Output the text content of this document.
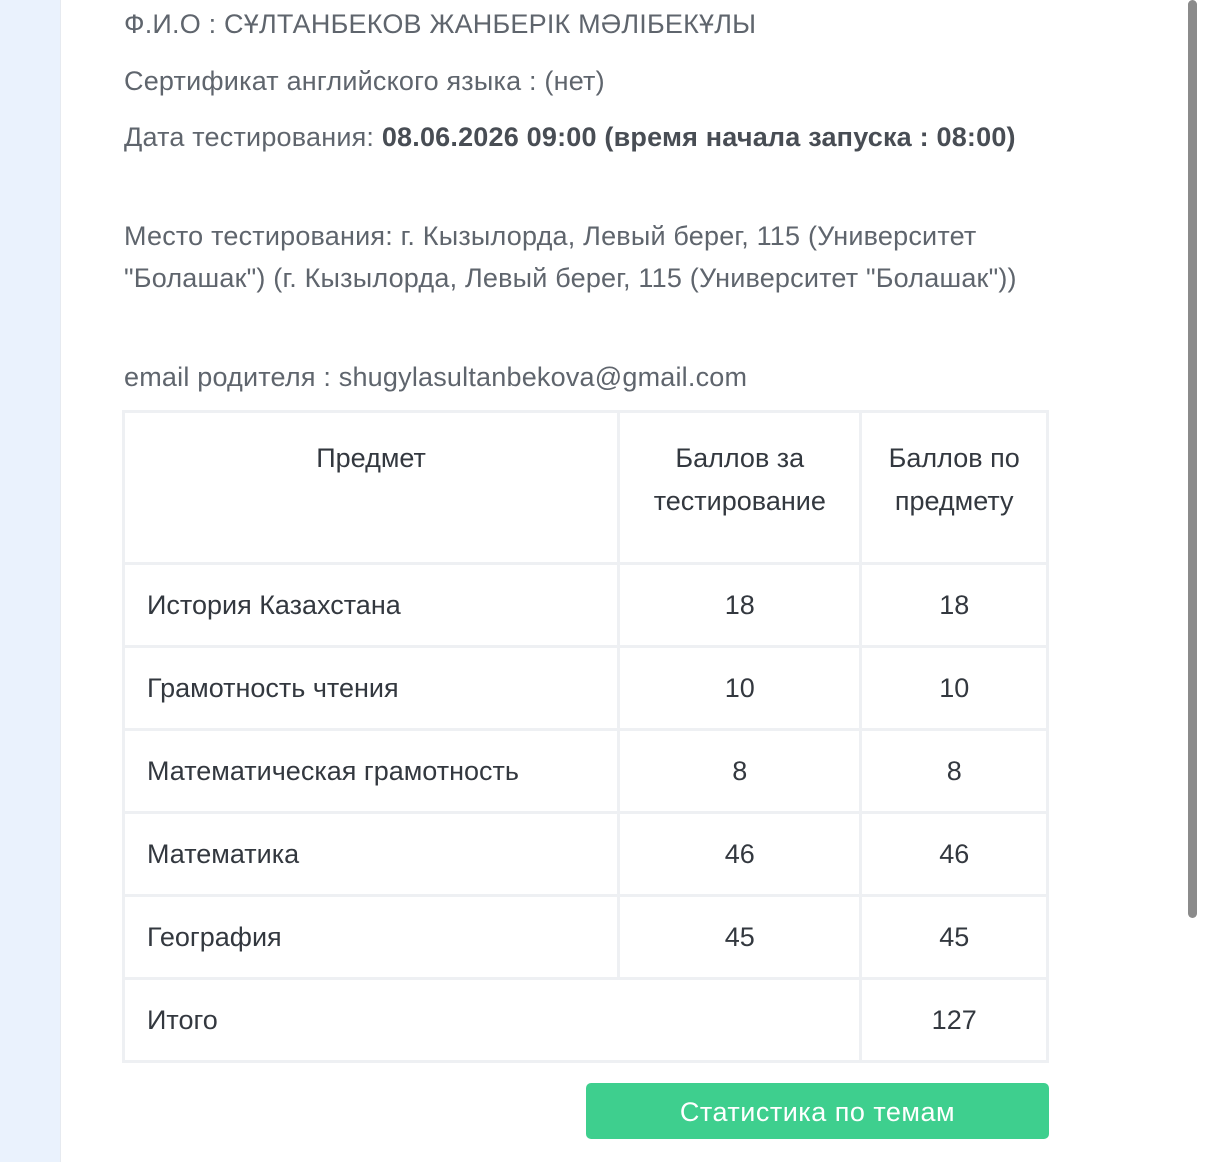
Ф.И.О : СҰЛТАНБЕКОВ ЖАНБЕРІК МӘЛІБЕКҰЛЫ
Сертификат английского языка : (нет)
Дата тестирования: 08.06.2026 09:00 (время начала запуска : 08:00)
Место тестирования: г. Кызылорда, Левый берег, 115 (Университет "Болашак") (г. Кызылорда, Левый берег, 115 (Университет "Болашак"))
email родителя : shugylasultanbekova@gmail.com
Предмет	Баллов за тестирование	Баллов по предмету
История Казахстана	18	18
Грамотность чтения	10	10
Математическая грамотность	8	8
Математика	46	46
География	45	45
Итого		127
Статистика по темам
